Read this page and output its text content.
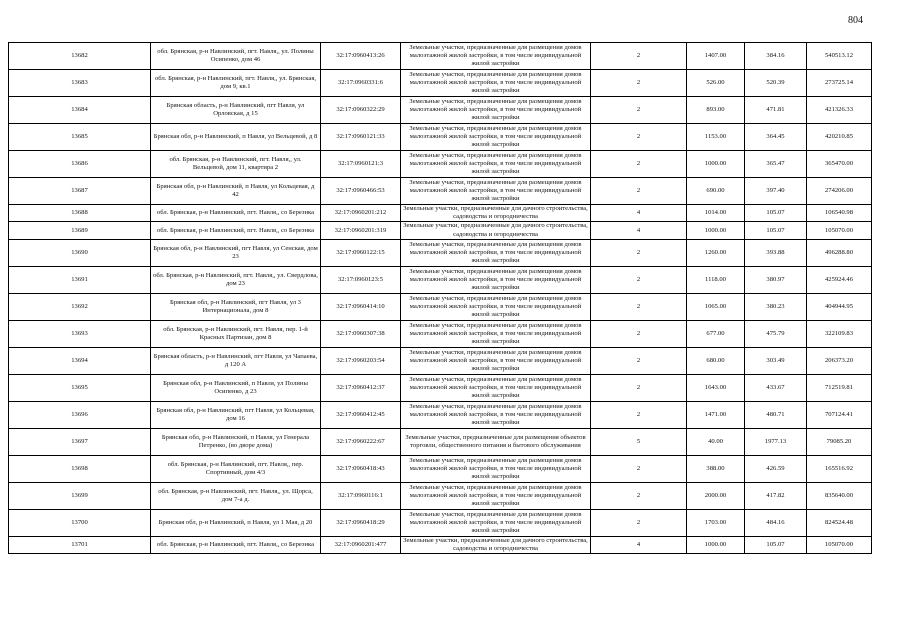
804
13682	обл. Брянская, р-н Навлинский, пгт. Навля,, ул. Полины Осипенко, дом 46	32:17:0960413:26	Земельные участки, предназначенные для размещения домов малоэтажной жилой застройки, в том числе индивидуальной жилой застройки	2	1407.00	384.16	540513.12
13683	обл. Брянская, р-н Навлинский, пгт. Навля,, ул. Брянская, дом 9, кв.1	32:17:0960331:6	Земельные участки, предназначенные для размещения домов малоэтажной жилой застройки, в том числе индивидуальной жилой застройки	2	526.00	520.39	273725.14
13684	Брянская область, р-н Навлинский, пгт Навля, ул Орловская, д 15	32:17:0960322:29	Земельные участки, предназначенные для размещения домов малоэтажной жилой застройки, в том числе индивидуальной жилой застройки	2	893.00	471.81	421326.33
13685	Брянская обл, р-н Навлинский, п Навля, ул Вельцевой, д 8	32:17:0960121:33	Земельные участки, предназначенные для размещения домов малоэтажной жилой застройки, в том числе индивидуальной жилой застройки	2	1153.00	364.45	420210.85
13686	обл. Брянская, р-н Навлинский, пгт. Навля,, ул. Вельцевой, дом 11, квартира 2	32:17:0960121:3	Земельные участки, предназначенные для размещения домов малоэтажной жилой застройки, в том числе индивидуальной жилой застройки	2	1000.00	365.47	365470.00
13687	Брянская обл, р-н Навлинский, п Навля, ул Кольцевая, д 42	32:17:0960466:53	Земельные участки, предназначенные для размещения домов малоэтажной жилой застройки, в том числе индивидуальной жилой застройки	2	690.00	397.40	274206.00
13688	обл. Брянская, р-н Навлинский, пгт. Навля,, со Березнка	32:17:0960201:212	Земельные участки, предназначенные для дачного строительства, садоводства и огородничества	4	1014.00	105.07	106540.98
13689	обл. Брянская, р-н Навлинский, пгт. Навля,, со Березнка	32:17:0960201:319	Земельные участки, предназначенные для дачного строительства, садоводства и огородничества	4	1000.00	105.07	105070.00
13690	Брянская обл, р-н Навлинский, пгт Навля, ул Сенская, дом 23	32:17:0960122:15	Земельные участки, предназначенные для размещения домов малоэтажной жилой застройки, в том числе индивидуальной жилой застройки	2	1260.00	393.88	496288.80
13691	обл. Брянская, р-н Навлинский, пгт. Навля,, ул. Свердлова, дом 23	32:17:0960123:5	Земельные участки, предназначенные для размещения домов малоэтажной жилой застройки, в том числе индивидуальной жилой застройки	2	1118.00	380.97	425924.46
13692	Брянская обл, р-н Навлинский, пгт Навля, ул 3 Интернационала, дом 8	32:17:0960414:10	Земельные участки, предназначенные для размещения домов малоэтажной жилой застройки, в том числе индивидуальной жилой застройки	2	1065.00	380.23	404944.95
13693	обл. Брянская, р-н Навлинский, пгт. Навля, пер. 1-й Красных Партизан, дом 8	32:17:0960307:38	Земельные участки, предназначенные для размещения домов малоэтажной жилой застройки, в том числе индивидуальной жилой застройки	2	677.00	475.79	322109.83
13694	Брянская область, р-н Навлинский, пгт Навля, ул Чапаева, д 120 А	32:17:0960203:54	Земельные участки, предназначенные для размещения домов малоэтажной жилой застройки, в том числе индивидуальной жилой застройки	2	680.00	303.49	206373.20
13695	Брянская обл, р-н Навлинский, п Навля, ул Полины Осипенко, д 23	32:17:0960412:37	Земельные участки, предназначенные для размещения домов малоэтажной жилой застройки, в том числе индивидуальной жилой застройки	2	1643.00	433.67	712519.81
13696	Брянская обл, р-н Навлинский, пгт Навля, ул Кольцевая, дом 16	32:17:0960412:45	Земельные участки, предназначенные для размещения домов малоэтажной жилой застройки, в том числе индивидуальной жилой застройки	2	1471.00	480.71	707124.41
13697	Брянская обл, р-н Навлинский, п Навля, ул Генерала Петренко, (во дворе дома)	32:17:0960222:67	Земельные участки, предназначенные для размещения объектов торговли, общественного питания и бытового обслуживания	5	40.00	1977.13	79085.20
13698	обл. Брянская, р-н Навлинский, пгт. Навля,, пер. Спортивный, дом 4/3	32:17:0960418:43	Земельные участки, предназначенные для размещения домов малоэтажной жилой застройки, в том числе индивидуальной жилой застройки	2	388.00	426.59	165516.92
13699	обл. Брянская, р-н Навлинский, пгт. Навля,, ул. Щорса, дом 7-а д.	32:17:0960116:1	Земельные участки, предназначенные для размещения домов малоэтажной жилой застройки, в том числе индивидуальной жилой застройки	2	2000.00	417.82	835640.00
13700	Брянская обл, р-н Навлинский, п Навля, ул 1 Мая, д 20	32:17:0960418:29	Земельные участки, предназначенные для размещения домов малоэтажной жилой застройки, в том числе индивидуальной жилой застройки	2	1703.00	484.16	824524.48
13701	обл. Брянская, р-н Навлинский, пгт. Навля,, со Березнка	32:17:0960201:477	Земельные участки, предназначенные для дачного строительства, садоводства и огородничества	4	1000.00	105.07	105070.00
